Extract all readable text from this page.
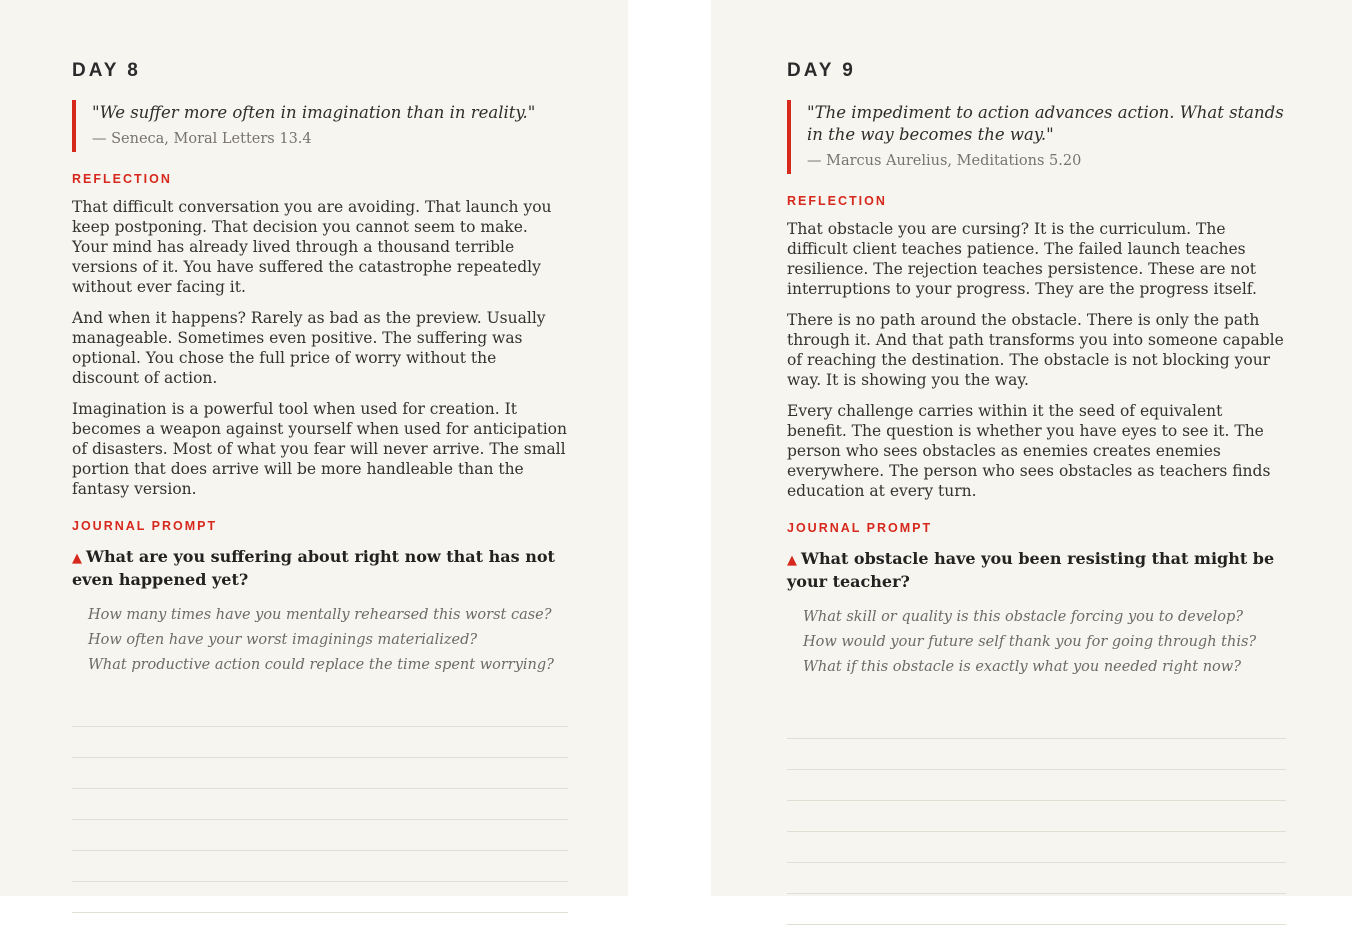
DAY 8

"We suffer more often in imagination than in reality."

— Seneca, Moral Letters 13.4

REFLECTION

That difficult conversation you are avoiding. That launch you keep postponing. That decision you cannot seem to make. Your mind has already lived through a thousand terrible versions of it. You have suffered the catastrophe repeatedly without ever facing it.

And when it happens? Rarely as bad as the preview. Usually manageable. Sometimes even positive. The suffering was optional. You chose the full price of worry without the discount of action.

Imagination is a powerful tool when used for creation. It becomes a weapon against yourself when used for anticipation of disasters. Most of what you fear will never arrive. The small portion that does arrive will be more handleable than the fantasy version.

JOURNAL PROMPT

▲ What are you suffering about right now that has not even happened yet?

How many times have you mentally rehearsed this worst case?

How often have your worst imaginings materialized?

What productive action could replace the time spent worrying?

DAY 9

"The impediment to action advances action. What stands in the way becomes the way."

— Marcus Aurelius, Meditations 5.20

REFLECTION

That obstacle you are cursing? It is the curriculum. The difficult client teaches patience. The failed launch teaches resilience. The rejection teaches persistence. These are not interruptions to your progress. They are the progress itself.

There is no path around the obstacle. There is only the path through it. And that path transforms you into someone capable of reaching the destination. The obstacle is not blocking your way. It is showing you the way.

Every challenge carries within it the seed of equivalent benefit. The question is whether you have eyes to see it. The person who sees obstacles as enemies creates enemies everywhere. The person who sees obstacles as teachers finds education at every turn.

JOURNAL PROMPT

▲ What obstacle have you been resisting that might be your teacher?

What skill or quality is this obstacle forcing you to develop?

How would your future self thank you for going through this?

What if this obstacle is exactly what you needed right now?
